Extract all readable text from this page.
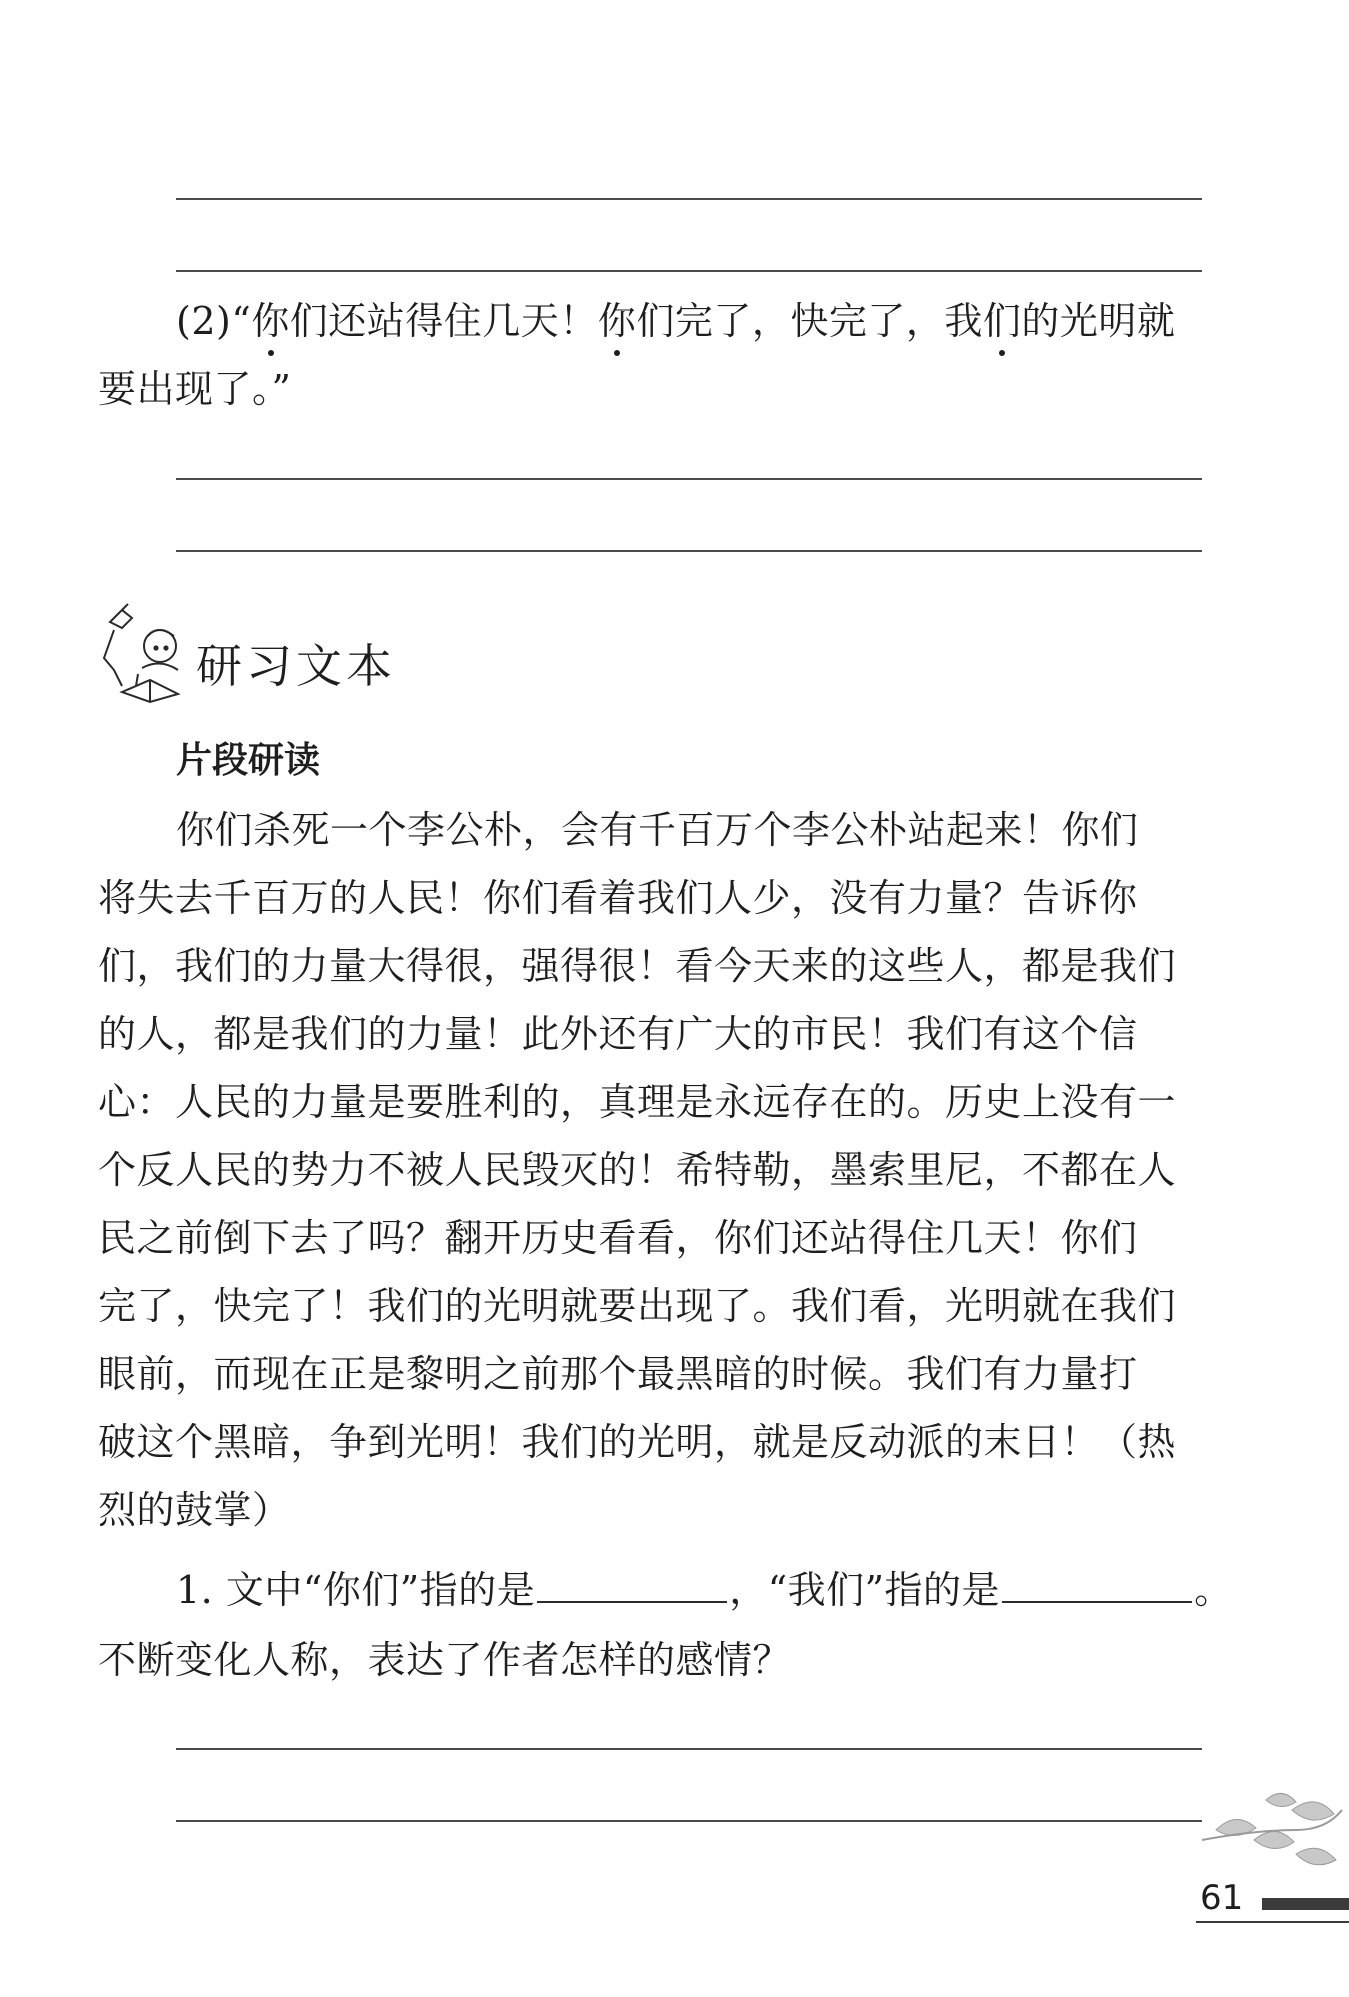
(2)“你们还站得住几天！你们完了，快完了，我们的光明就
要出现了。”
研习文本
片段研读
你们杀死一个李公朴，会有千百万个李公朴站起来！你们
将失去千百万的人民！你们看着我们人少，没有力量？告诉你
们，我们的力量大得很，强得很！看今天来的这些人，都是我们
的人，都是我们的力量！此外还有广大的市民！我们有这个信
心：人民的力量是要胜利的，真理是永远存在的。历史上没有一
个反人民的势力不被人民毁灭的！希特勒，墨索里尼，不都在人
民之前倒下去了吗？翻开历史看看，你们还站得住几天！你们
完了，快完了！我们的光明就要出现了。我们看，光明就在我们
眼前，而现在正是黎明之前那个最黑暗的时候。我们有力量打
破这个黑暗，争到光明！我们的光明，就是反动派的末日！（热
烈的鼓掌）
1. 文中“你们”指的是	，“我们”指的是	。
不断变化人称，表达了作者怎样的感情？
61
